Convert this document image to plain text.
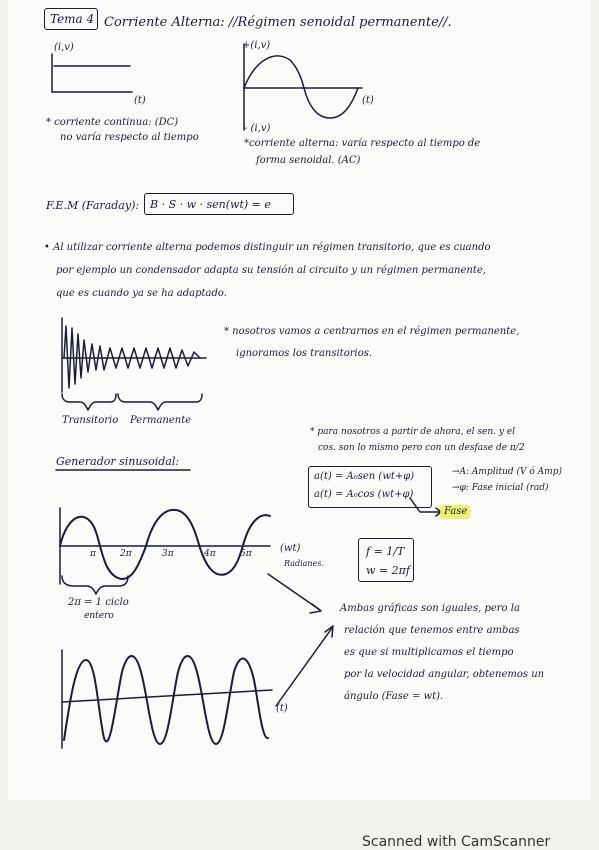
Tema 4 Corriente Alterna: //Régimen senoidal permanente//.

(i,v)

(t)

* corriente continua: (DC)

no varía respecto al tiempo

+(i,v)

(t)

- (i,v)

*corriente alterna: varía respecto al tiempo de

forma senoidal. (AC)

F.E.M (Faraday): B · S · w · sen(wt) = e

• Al utilizar corriente alterna podemos distinguir un régimen transitorio, que es cuando

por ejemplo un condensador adapta su tensión al circuito y un régimen permanente,

que es cuando ya se ha adaptado.

* nosotros vamos a centrarnos en el régimen permanente,

ignoramos los transitorios.

Transitorio Permanente

Generador sinusoidal:

* para nosotros a partir de ahora, el sen. y el

cos. son lo mismo pero con un desfase de π/2

a(t) = A₀sen (wt+φ)

a(t) = A₀cos (wt+φ)

→A: Amplitud (V ó Amp)

→φ: Fase inicial (rad)

Fase

π	2π	3π	4π	5π	(wt)

Radianes.

2π = 1 ciclo

entero

f = 1/T

w = 2πf

Ambas gráficas son iguales, pero la

relación que tenemos entre ambas

es que si multiplicamos el tiempo

por la velocidad angular, obtenemos un

ángulo (Fase = wt).

(t)

Scanned with CamScanner
